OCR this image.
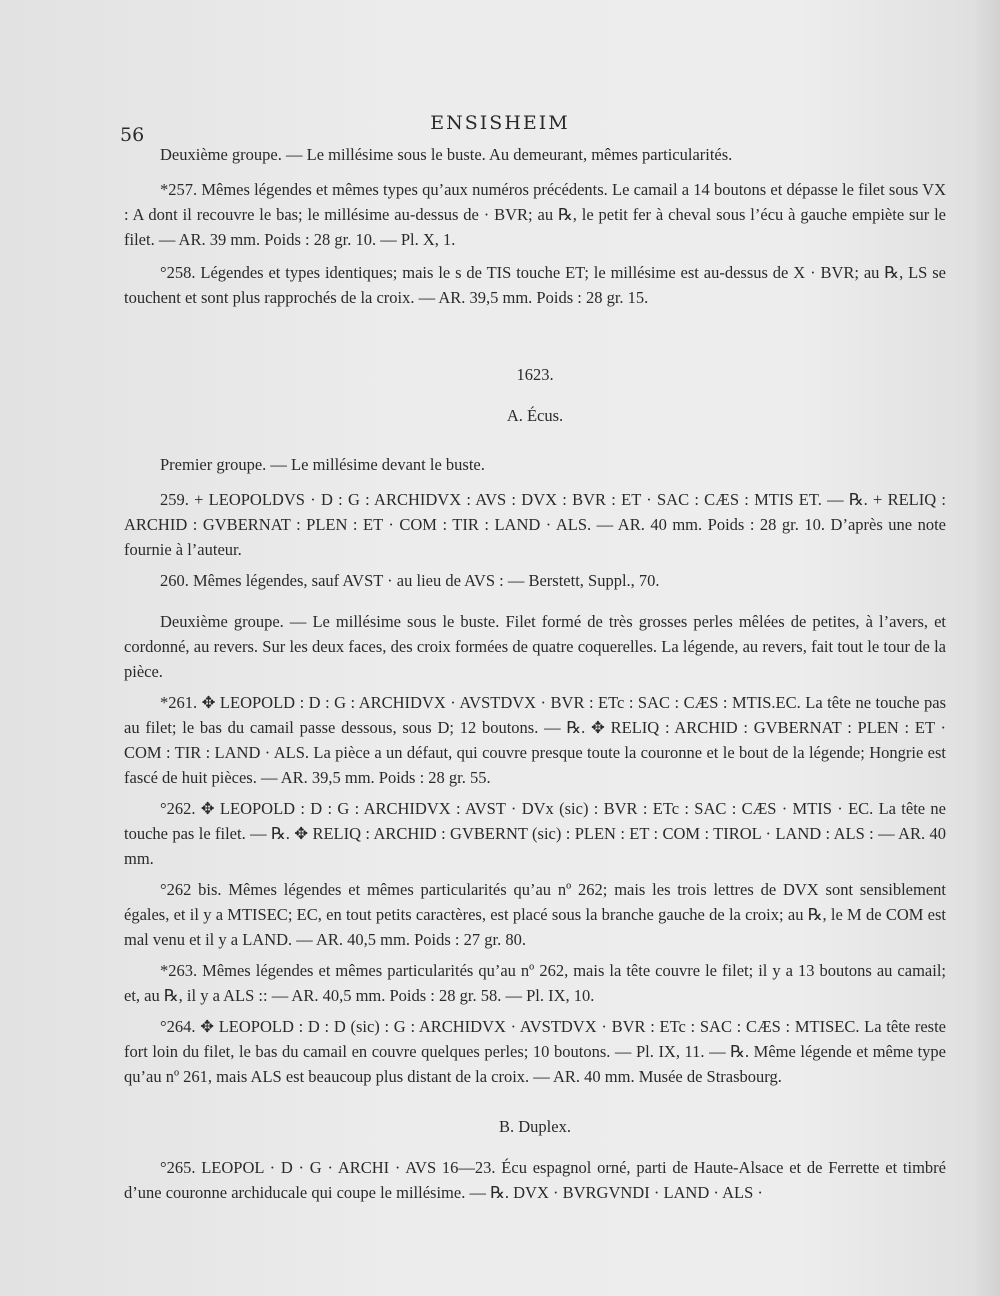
56
ENSISHEIM

Deuxième groupe. — Le millésime sous le buste. Au demeurant, mêmes particularités.

*257. Mêmes légendes et mêmes types qu’aux numéros précédents. Le camail a 14 boutons et dépasse le filet sous VX : A dont il recouvre le bas; le millésime au-dessus de · BVR; au ℞, le petit fer à cheval sous l’écu à gauche empiète sur le filet. — AR. 39 mm. Poids : 28 gr. 10. — Pl. X, 1.

°258. Légendes et types identiques; mais le s de TIS touche ET; le millésime est au-dessus de X · BVR; au ℞, LS se touchent et sont plus rapprochés de la croix. — AR. 39,5 mm. Poids : 28 gr. 15.

1623.

A. Écus.

Premier groupe. — Le millésime devant le buste.

259. + LEOPOLDVS · D : G : ARCHIDVX : AVS : DVX : BVR : ET · SAC : CÆS : MTIS ET. — ℞. + RELIQ : ARCHID : GVBERNAT : PLEN : ET · COM : TIR : LAND · ALS. — AR. 40 mm. Poids : 28 gr. 10. D’après une note fournie à l’auteur.

260. Mêmes légendes, sauf AVST · au lieu de AVS : — Berstett, Suppl., 70.

Deuxième groupe. — Le millésime sous le buste. Filet formé de très grosses perles mêlées de petites, à l’avers, et cordonné, au revers. Sur les deux faces, des croix formées de quatre coquerelles. La légende, au revers, fait tout le tour de la pièce.

*261. ✥ LEOPOLD : D : G : ARCHIDVX · AVSTDVX · BVR : ETc : SAC : CÆS : MTIS.EC. La tête ne touche pas au filet; le bas du camail passe dessous, sous D; 12 boutons. — ℞. ✥ RELIQ : ARCHID : GVBERNAT : PLEN : ET · COM : TIR : LAND · ALS. La pièce a un défaut, qui couvre presque toute la couronne et le bout de la légende; Hongrie est fascé de huit pièces. — AR. 39,5 mm. Poids : 28 gr. 55.

°262. ✥ LEOPOLD : D : G : ARCHIDVX : AVST · DVx (sic) : BVR : ETc : SAC : CÆS · MTIS · EC. La tête ne touche pas le filet. — ℞. ✥ RELIQ : ARCHID : GVBERNT (sic) : PLEN : ET : COM : TIROL · LAND : ALS : — AR. 40 mm.

°262 bis. Mêmes légendes et mêmes particularités qu’au nº 262; mais les trois lettres de DVX sont sensiblement égales, et il y a MTISEC; EC, en tout petits caractères, est placé sous la branche gauche de la croix; au ℞, le M de COM est mal venu et il y a LAND. — AR. 40,5 mm. Poids : 27 gr. 80.

*263. Mêmes légendes et mêmes particularités qu’au nº 262, mais la tête couvre le filet; il y a 13 boutons au camail; et, au ℞, il y a ALS :: — AR. 40,5 mm. Poids : 28 gr. 58. — Pl. IX, 10.

°264. ✥ LEOPOLD : D : D (sic) : G : ARCHIDVX · AVSTDVX · BVR : ETc : SAC : CÆS : MTISEC. La tête reste fort loin du filet, le bas du camail en couvre quelques perles; 10 boutons. — Pl. IX, 11. — ℞. Même légende et même type qu’au nº 261, mais ALS est beaucoup plus distant de la croix. — AR. 40 mm. Musée de Strasbourg.

B. Duplex.

°265. LEOPOL · D · G · ARCHI · AVS 16—23. Écu espagnol orné, parti de Haute-Alsace et de Ferrette et timbré d’une couronne archiducale qui coupe le millésime. — ℞. DVX · BVRGVNDI · LAND · ALS ·
